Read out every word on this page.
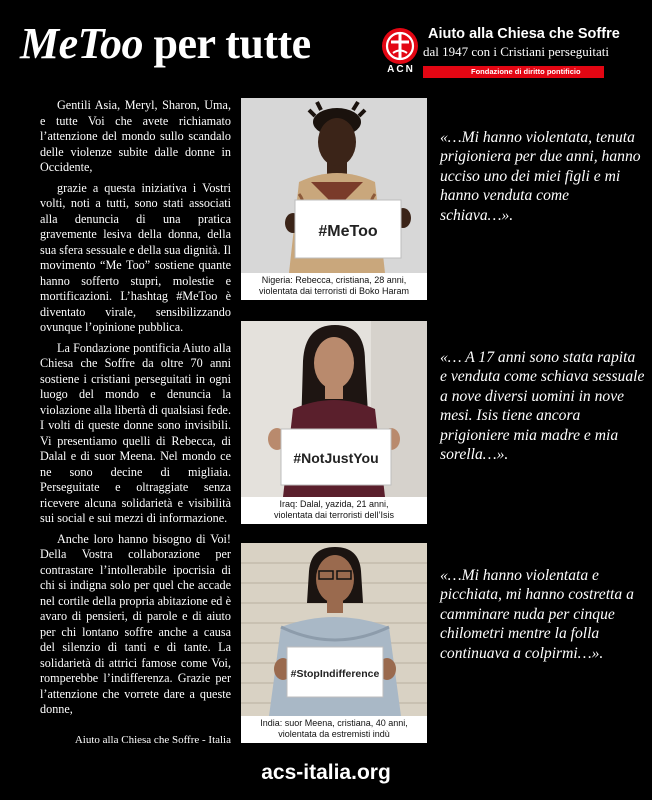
MeToo per tutte
ACN
Aiuto alla Chiesa che Soffre
dal 1947 con i Cristiani perseguitati
Fondazione di diritto pontificio

Gentili Asia, Meryl, Sharon, Uma, e tutte Voi che avete richiamato l’attenzione del mondo sullo scandalo delle violenze subite dalle donne in Occidente,

grazie a questa iniziativa i Vostri volti, noti a tutti, sono stati associati alla denuncia di una pratica gravemente lesiva della donna, della sua sfera sessuale e della sua dignità. Il movimento “Me Too” sostiene quante hanno sofferto stupri, molestie e mortificazioni. L’hashtag #MeToo è diventato virale, sensibilizzando ovunque l’opinione pubblica.

La Fondazione pontificia Aiuto alla Chiesa che Soffre da oltre 70 anni sostiene i cristiani perseguitati in ogni luogo del mondo e denuncia la violazione alla libertà di qualsiasi fede. I volti di queste donne sono invisibili. Vi presentiamo quelli di Rebecca, di Dalal e di suor Meena. Nel mondo ce ne sono decine di migliaia. Perseguitate e oltraggiate senza ricevere alcuna solidarietà e visibilità sui social e sui mezzi di informazione.

Anche loro hanno bisogno di Voi! Della Vostra collaborazione per contrastare l’intollerabile ipocrisia di chi si indigna solo per quel che accade nel cortile della propria abitazione ed è avaro di pensieri, di parole e di aiuto per chi lontano soffre anche a causa del silenzio di tanti e di tante. La solidarietà di attrici famose come Voi, romperebbe l’indifferenza. Grazie per l’attenzione che vorrete dare a queste donne,

Aiuto alla Chiesa che Soffre - Italia
#MeToo
Nigeria: Rebecca, cristiana, 28 anni,
violentata dai terroristi di Boko Haram
#NotJustYou
Iraq: Dalal, yazida, 21 anni,
violentata dai terroristi dell’Isis
#StopIndifference
India: suor Meena, cristiana, 40 anni,
violentata da estremisti indù
«…Mi hanno violentata, tenuta prigioniera per due anni, hanno ucciso uno dei miei figli e mi hanno venduta come schiava…».
«… A 17 anni sono stata rapita e venduta come schiava sessuale a nove diversi uomini in nove mesi. Isis tiene ancora prigioniere mia madre e mia sorella…».
«…Mi hanno violentata e picchiata, mi hanno costretta a camminare nuda per cinque chilometri mentre la folla continuava a colpirmi…».
acs-italia.org
